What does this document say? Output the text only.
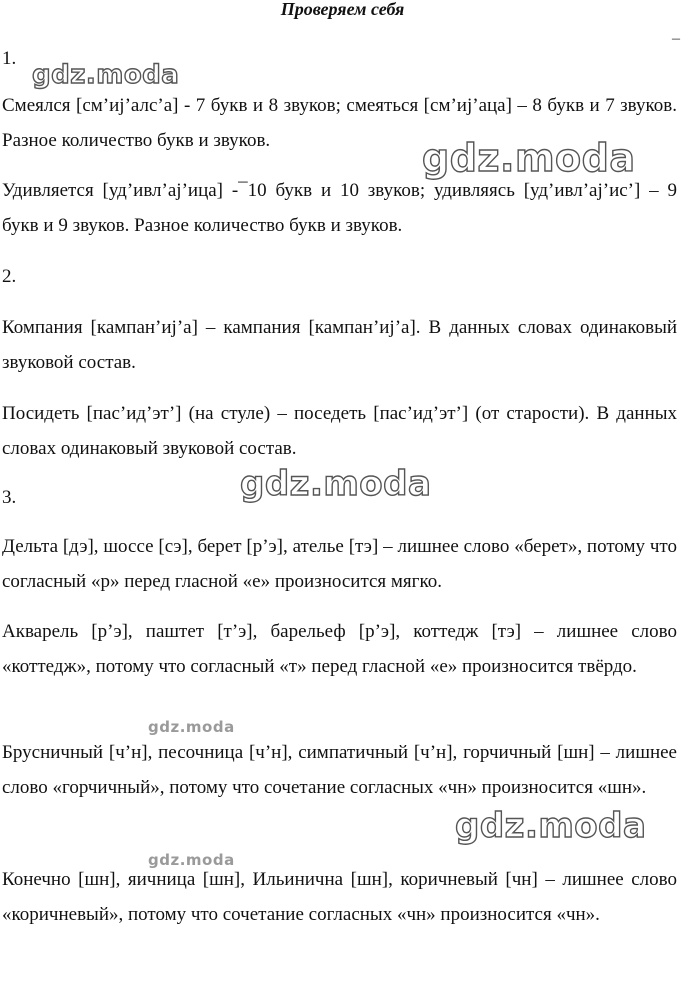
Проверяем себя
–
1.
Смеялся [см’иj’алс’а] - 7 букв и 8 звуков; смеяться [см’иj’аца] – 8 букв и 7 звуков. Разное количество букв и звуков.
Удивляется [уд’ивл’аj’ица] -¯10 букв и 10 звуков; удивляясь [уд’ивл’аj’ис’] – 9 букв и 9 звуков. Разное количество букв и звуков.
2.
Компания [кампан’иj’а] – кампания [кампан’иj’а]. В данных словах одинаковый звуковой состав.
Посидеть [пас’ид’эт’] (на стуле) – поседеть [пас’ид’эт’] (от старости). В данных словах одинаковый звуковой состав.
3.
Дельта [дэ], шоссе [сэ], берет [р’э], ателье [тэ] – лишнее слово «берет», потому что согласный «р» перед гласной «е» произносится мягко.
Акварель [р’э], паштет [т’э], барельеф [р’э], коттедж [тэ] – лишнее слово «коттедж», потому что согласный «т» перед гласной «е» произносится твёрдо.
Брусничный [ч’н], песочница [ч’н], симпатичный [ч’н], горчичный [шн] – лишнее слово «горчичный», потому что сочетание согласных «чн» произносится «шн».
Конечно [шн], яичница [шн], Ильинична [шн], коричневый [чн] – лишнее слово «коричневый», потому что сочетание согласных «чн» произносится «чн».
gdz.moda
gdz.moda
gdz.moda
gdz.moda
gdz.moda
gdz.moda
